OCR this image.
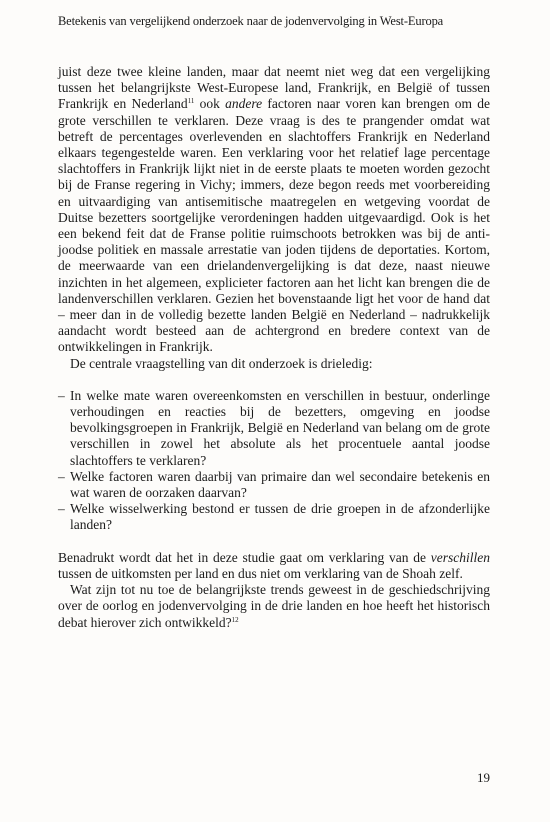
Betekenis van vergelijkend onderzoek naar de jodenvervolging in West-Europa

juist deze twee kleine landen, maar dat neemt niet weg dat een vergelijking tussen het belangrijkste West-Europese land, Frankrijk, en België of tussen Frankrijk en Nederland$^{11}$ ook andere factoren naar voren kan brengen om de grote verschillen te verklaren. Deze vraag is des te prangender omdat wat betreft de percentages overlevenden en slachtoffers Frankrijk en Nederland elkaars tegengestelde waren. Een verklaring voor het relatief lage percentage slachtoffers in Frankrijk lijkt niet in de eerste plaats te moeten worden gezocht bij de Franse regering in Vichy; immers, deze begon reeds met voorbereiding en uitvaardiging van antisemitische maatregelen en wetgeving voordat de Duitse bezetters soortgelijke verordeningen hadden uitgevaardigd. Ook is het een bekend feit dat de Franse politie ruimschoots betrokken was bij de anti-joodse politiek en massale arrestatie van joden tijdens de deportaties. Kortom, de meerwaarde van een drielandenvergelijking is dat deze, naast nieuwe inzichten in het algemeen, explicieter factoren aan het licht kan brengen die de landenverschillen verklaren. Gezien het bovenstaande ligt het voor de hand dat – meer dan in de volledig bezette landen België en Nederland – nadrukkelijk aandacht wordt besteed aan de achtergrond en bredere context van de ontwikkelingen in Frankrijk.

De centrale vraagstelling van dit onderzoek is drieledig:

– In welke mate waren overeenkomsten en verschillen in bestuur, onderlinge verhoudingen en reacties bij de bezetters, omgeving en joodse bevolkingsgroepen in Frankrijk, België en Nederland van belang om de grote verschillen in zowel het absolute als het procentuele aantal joodse slachtoffers te verklaren?
– Welke factoren waren daarbij van primaire dan wel secondaire betekenis en wat waren de oorzaken daarvan?
– Welke wisselwerking bestond er tussen de drie groepen in de afzonderlijke landen?

Benadrukt wordt dat het in deze studie gaat om verklaring van de verschillen tussen de uitkomsten per land en dus niet om verklaring van de Shoah zelf.

Wat zijn tot nu toe de belangrijkste trends geweest in de geschiedschrijving over de oorlog en jodenvervolging in de drie landen en hoe heeft het historisch debat hierover zich ontwikkeld?$^{12}$

19
